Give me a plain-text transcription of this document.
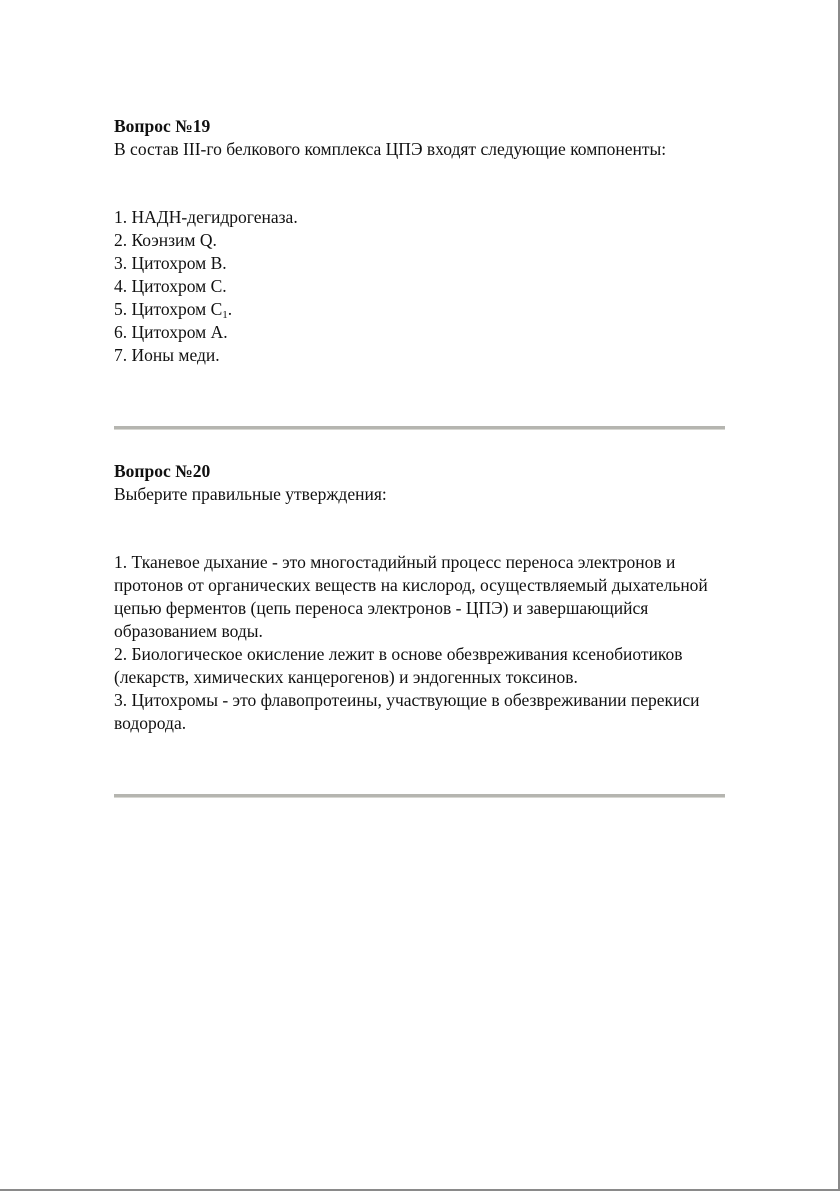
Вопрос №19

В состав III-го белкового комплекса ЦПЭ входят следующие компоненты:

1. НАДН-дегидрогеназа.
2. Коэнзим Q.
3. Цитохром B.
4. Цитохром C.
5. Цитохром $C_1$.
6. Цитохром A.
7. Ионы меди.

Вопрос №20

Выберите правильные утверждения:

1. Тканевое дыхание - это многостадийный процесс переноса электронов и протонов от органических веществ на кислород, осуществляемый дыхательной цепью ферментов (цепь переноса электронов - ЦПЭ) и завершающийся образованием воды.
2. Биологическое окисление лежит в основе обезвреживания ксенобиотиков (лекарств, химических канцерогенов) и эндогенных токсинов.
3. Цитохромы - это флавопротеины, участвующие в обезвреживании перекиси водорода.
